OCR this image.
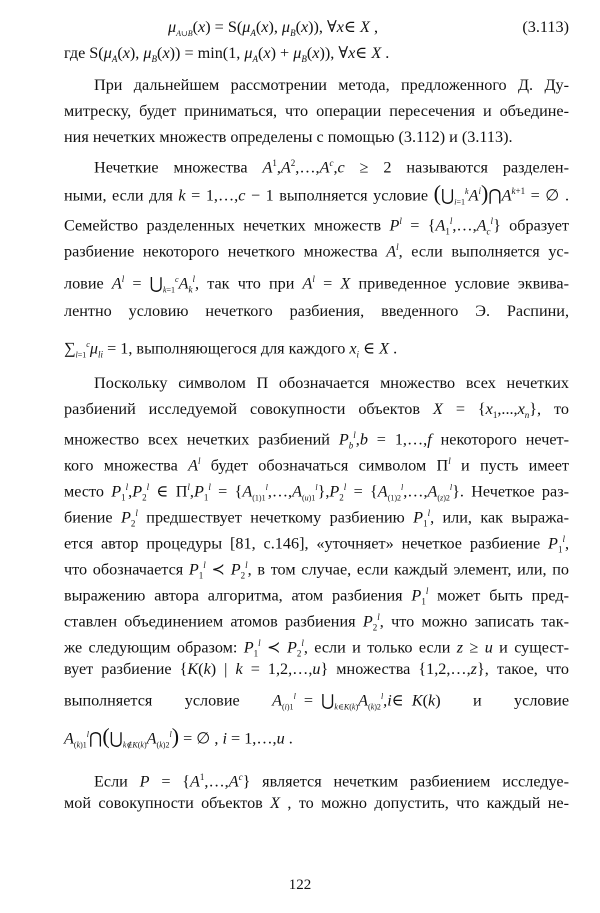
$\mu_{A\cup B}(x) = S(\mu_A(x)$, $\mu_B(x)$), ∀x∈ X ,	(3.113)
где $S(\mu_A(x)$, $\mu_B(x)) = \min(1$, $\mu_A(x) + \mu_B(x)$), ∀x∈ X .
При дальнейшем рассмотрении метода, предложенного Д. Ду-
митреску, будет приниматься, что операции пересечения и объедине-
ния нечетких множеств определены с помощью (3.112) и (3.113).
Нечеткие множества $A^1,A^2,\dots,A^c,c \ge 2$ называются разделен-
ными, если для k = 1,…,c − 1 выполняется условие $(⋃_{i=1}^kA^i)⋂A^{k+1}$ = ∅ .
Семейство разделенных нечетких множеств $P^l$ = $\{A_1^l,\dots,A_c^l\}$ образует
разбиение некоторого нечеткого множества $A^l$, если выполняется ус-
ловие $A^l$ = $⋃_{k=1}^cA_k^l$, так что при $A^l = X$ приведенное условие эквива-
лентно условию нечеткого разбиения, введенного Э. Распини,
$\sum_{l=1}^c\mu_{li} = 1$, выполняющегося для каждого $x_i$ ∈ X .
Поскольку символом Π обозначается множество всех нечетких
разбиений исследуемой совокупности объектов $X = \{x_1,...,x_n\}$, то
множество всех нечетких разбиений $P_b^l,b$ = 1,…,f некоторого нечет-
кого множества $A^l$ будет обозначаться символом $\Pi^l$ и пусть имеет
место $P_1^l,P_2^l$ ∈ $\Pi^l,P_1^l$ = $\{A_{(1)1}^l,\dots,A_{(u)1}^l\},P_2^l$ = $\{A_{(1)2}^l,\dots,A_{(z)2}^l\}$. Нечеткое раз-
биение $P_2^l$ предшествует нечеткому разбиению $P_1^l$, или, как выража-
ется автор процедуры [81, с.146], «уточняет» нечеткое разбиение $P_1^l$,
что обозначается $P_1^l$ ≺ $P_2^l$, в том случае, если каждый элемент, или, по
выражению автора алгоритма, атом разбиения $P_1^l$ может быть пред-
ставлен объединением атомов разбиения $P_2^l$, что можно записать так-
же следующим образом: $P_1^l$ ≺ $P_2^l$, если и только если z ≥ u и сущест-
вует разбиение {K(k) | k = 1,2,…,u} множества {1,2,…,z}, такое, что
выполняется    условие    $A_{(i)1}^l$ = $⋃_{k\in K(k)}A_{(k)2}^l,i\in$ K(k)    и    условие
$A_{(k)1}^l⋂(⋃_{k\notin K(k)}A_{(k)2}^l)$ = ∅ , i = 1,…,u .
Если $P = \{A^1,\dots,A^c\}$ является нечетким разбиением исследуе-
мой совокупности объектов X , то можно допустить, что каждый не-
122
